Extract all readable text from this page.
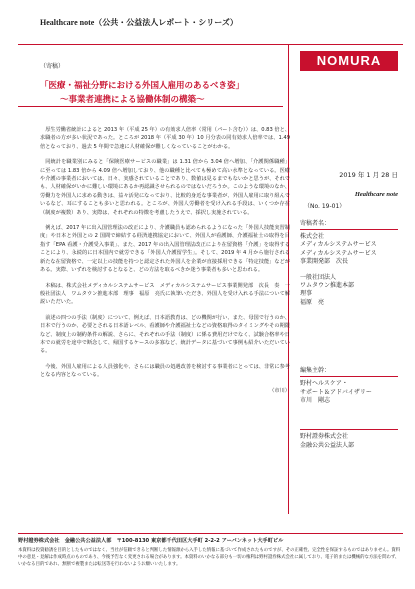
Healthcare note（公共・公益法人レポート・シリーズ）
NOMURA
（寄稿）
「医療・福祉分野における外国人雇用のあるべき姿」
〜事業者連携による協働体制の構築〜

厚生労働省統計によると 2013 年（平成 25 年）の有効求人倍率（常用（パート含む））は、0.83 倍と、求職者の方が多い状況であった。ところが 2018 年（平成 30 年）10 月分表の同有効求人倍率では、1.49 倍となっており、過去 5 年間で急速に人材確保が難しくなっていることがわかる。

同統計を職業別にみると「保険医療サービスの職業」は 1.31 倍から 3.04 倍へ増加、「介護関係職種」に至っては 1.83 倍から 4.09 倍へ増加しており、他の職種と比べても極めて高い水準となっている。医療や介護の事業者においては、日々、実感されていることであり、数値は見るまでもないかと思うが、それでも、人材確保がいかに難しい環境にあるか再認識させられるのではないだろうか。このような環境のなか、労働力を外国人に求める動きは、益々活発になっており、比較的身近な事業者が、外国人雇用に取り組んでいるなど、耳にすることも多いと思われる。ところが、外国人労働者を受け入れる手段は、いくつか存在（制度が複数）あり、実際は、それぞれの特徴を考慮したうえで、採択し実施されている。

例えば、2017 年に出入国管理法の改正により、介護職員も認められるようになった「外国人技能実習制度」や日本と外国との 2 国間で締結する経済連携協定において、外国人が看護師、介護福祉士の取得を目指す「EPA 看護・介護受入事業」、また、2017 年の出入国管理法改正により在留資格「介護」を取得することにより、永続的に日本国内で就労できる「外国人介護留学生」。そして、2019 年 4 月から施行される新たな在留資格で、一定以上の技能を持つと認定された外国人を企業が直接採用できる「特定技能」などがある。実際、いずれを検討するとなると、どの方法を取るべきか迷う事業者も多いと思われる。

本稿は、株式会社メディカルシステムサービス　メディカルシステムサービス事業開発部　次長　奏　一般社団法人　ワムタウン推進本部　理事　福原　亮氏に執筆いただき、外国人を受け入れる手法について解説いただいた。

前述の四つの手法（制度）について、例えば、日本語教育は、どの機関が行い、また、母国で行うのか、日本で行うのか、必要とされる日本語レベル、看護師や介護福祉士などの資格取得のタイミングやその期限など、制度上の制約条件の解説、さらに、それぞれの手法（制度）に係る費用だけでなく、試験合格率や日本での就労を途中で断念して、帰国するケースの多寡など、統計データに基づいて事例も紹介いただいている。

今後、外国人雇用による人員強化や、さらには職員の処遇改善を検討する事業者にとっては、非常に参考となる内容となっている。

（市川）
2019 年 1 月 28 日
Healthcare note
（No. 19-01）
寄稿者名：
株式会社
メディカルシステムサービス
メディカルシステムサービス
事業開発部　次長
一般社団法人
ワムタウン推進本部
理事
福原　亮
編集主幹：
野村ヘルスケア・
サポート＆アドバイザリー
市川　剛志
野村證券株式会社
金融公共公益法人部
野村證券株式会社　金融公共公益法人部　〒100-8130 東京都千代田区大手町 2-2-2 アーバンネット大手町ビル
本資料は投資勧誘を目的としたものではなく、当社が信頼できると判断した情報源から入手した情報に基づいて作成されたものですが、その正確性、完全性を保証するものではありません。資料中の意見・見解は作成時点のものであり、今後予告なく変更される場合があります。本資料のいかなる部分も一切の権利は野村證券株式会社に属しており、電子的または機械的な方法を問わず、いかなる目的であれ、無断で複製または転送等を行わないようお願いいたします。
